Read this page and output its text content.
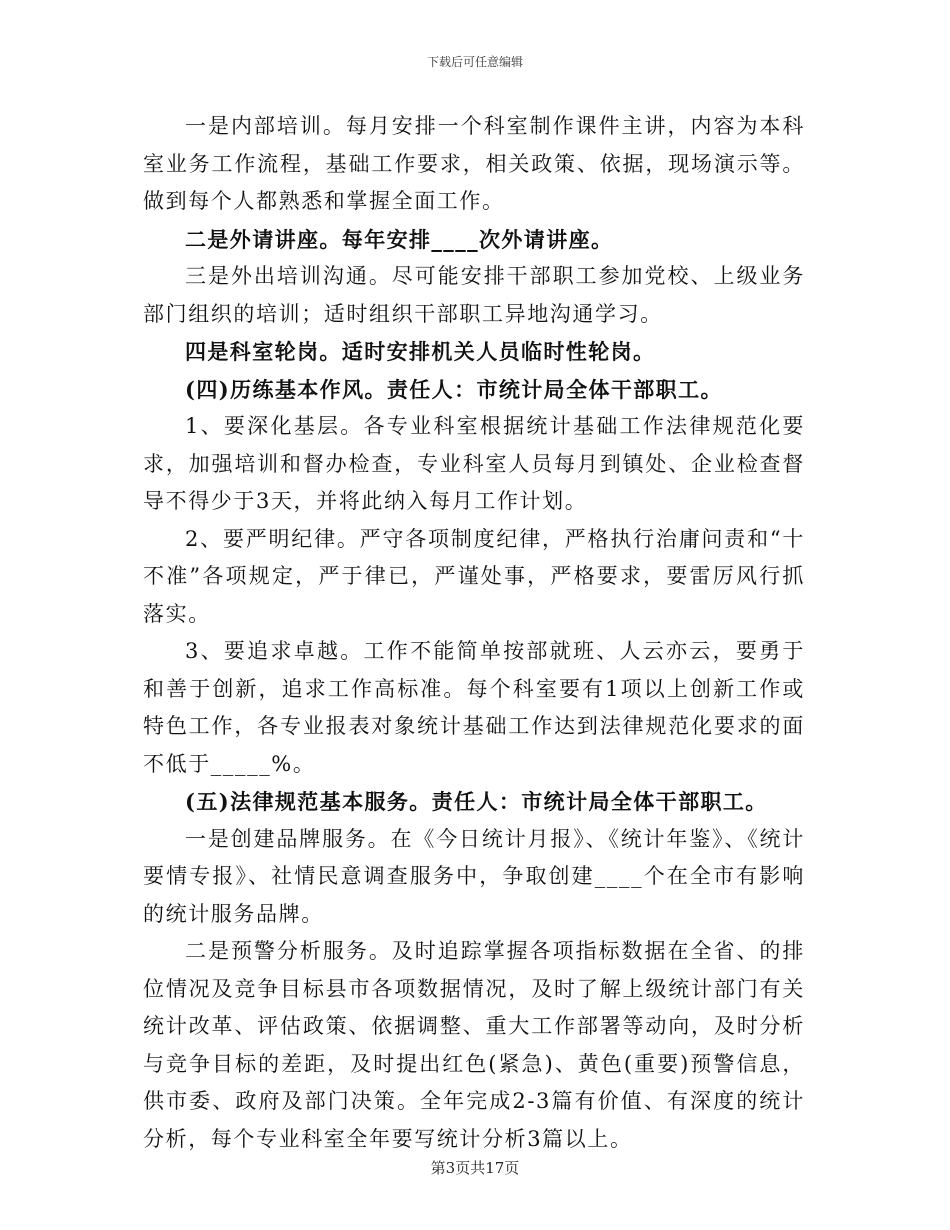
下载后可任意编辑

一是内部培训。每月安排一个科室制作课件主讲，内容为本科室业务工作流程，基础工作要求，相关政策、依据，现场演示等。做到每个人都熟悉和掌握全面工作。

二是外请讲座。每年安排____次外请讲座。

三是外出培训沟通。尽可能安排干部职工参加党校、上级业务部门组织的培训；适时组织干部职工异地沟通学习。

四是科室轮岗。适时安排机关人员临时性轮岗。

(四)历练基本作风。责任人：市统计局全体干部职工。

1、要深化基层。各专业科室根据统计基础工作法律规范化要求，加强培训和督办检查，专业科室人员每月到镇处、企业检查督导不得少于3天，并将此纳入每月工作计划。

2、要严明纪律。严守各项制度纪律，严格执行治庸问责和“十不准”各项规定，严于律已，严谨处事，严格要求，要雷厉风行抓落实。

3、要追求卓越。工作不能简单按部就班、人云亦云，要勇于和善于创新，追求工作高标准。每个科室要有1项以上创新工作或特色工作，各专业报表对象统计基础工作达到法律规范化要求的面不低于_____%。

(五)法律规范基本服务。责任人：市统计局全体干部职工。

一是创建品牌服务。在《今日统计月报》、《统计年鉴》、《统计要情专报》、社情民意调查服务中，争取创建____个在全市有影响的统计服务品牌。

二是预警分析服务。及时追踪掌握各项指标数据在全省、的排位情况及竞争目标县市各项数据情况，及时了解上级统计部门有关统计改革、评估政策、依据调整、重大工作部署等动向，及时分析与竞争目标的差距，及时提出红色(紧急)、黄色(重要)预警信息，供市委、政府及部门决策。全年完成2-3篇有价值、有深度的统计分析，每个专业科室全年要写统计分析3篇以上。

第3页共17页
